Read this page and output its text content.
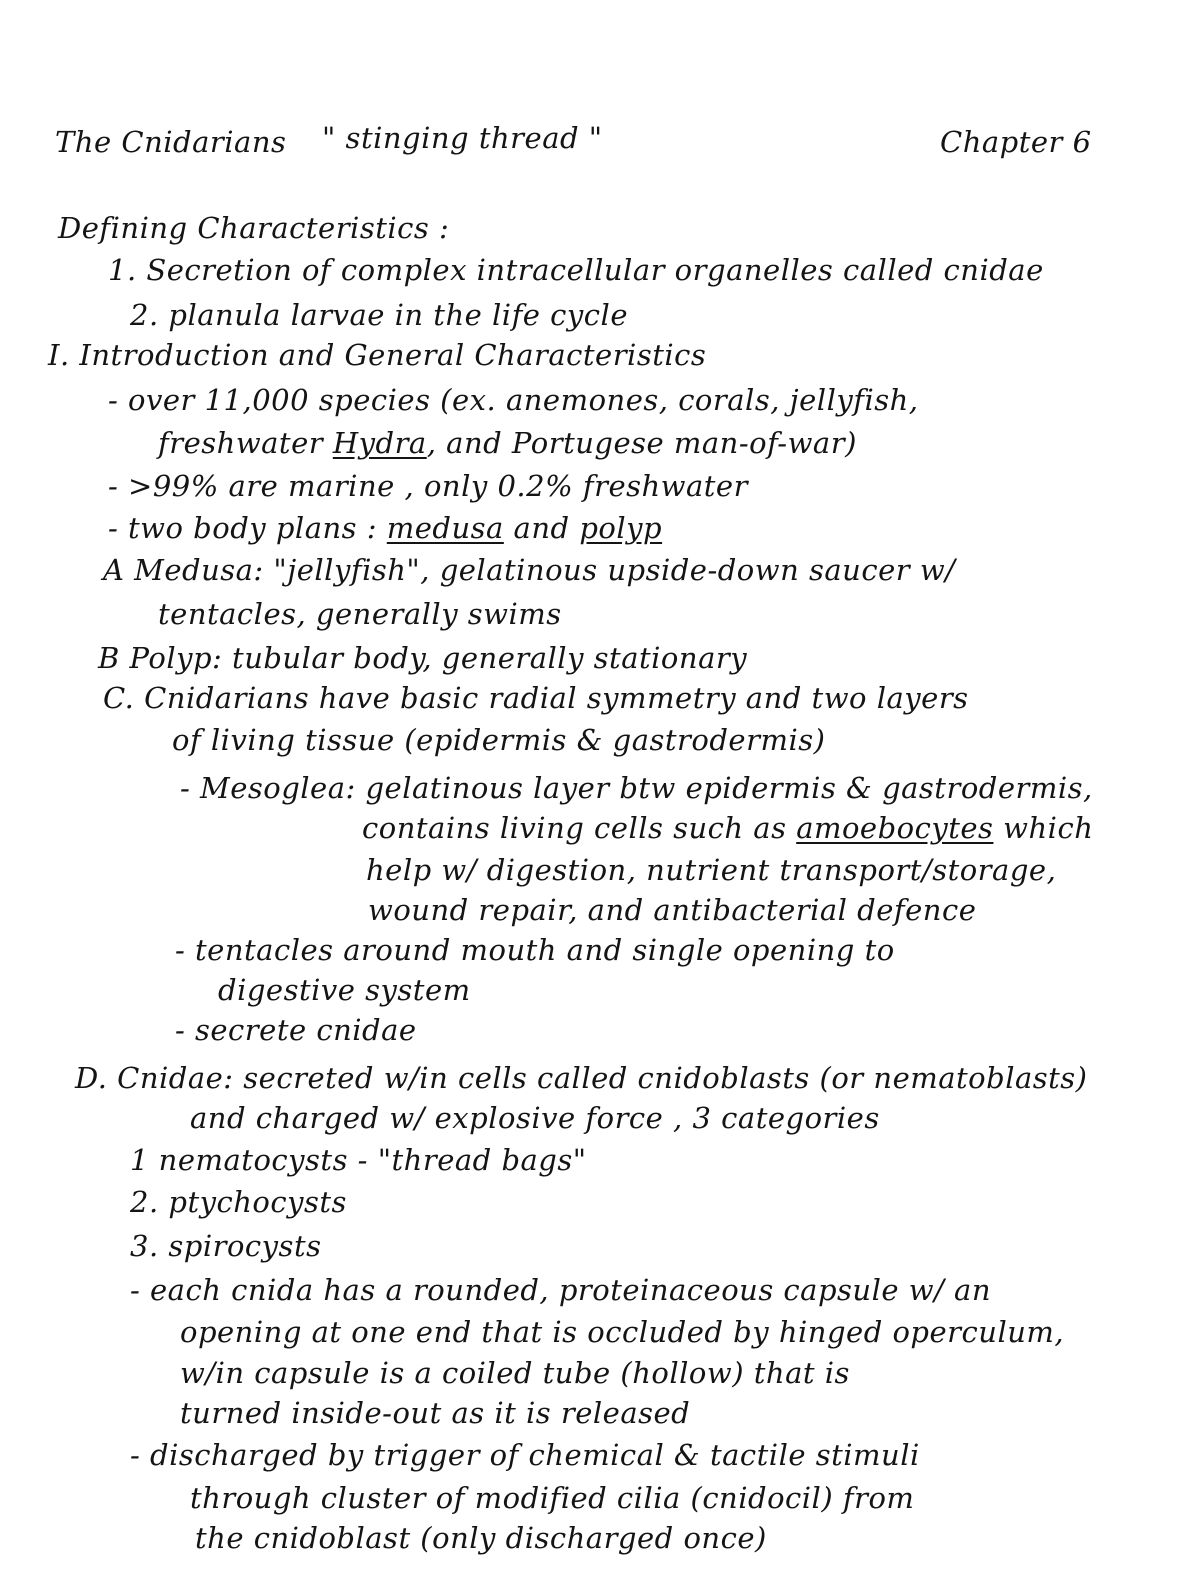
The Cnidarians " stinging thread "	Chapter 6
Defining Characteristics :
1. Secretion of complex intracellular organelles called cnidae
2. planula larvae in the life cycle
I. Introduction and General Characteristics
- over 11,000 species (ex. anemones, corals, jellyfish,
freshwater Hydra, and Portugese man-of-war)
- >99% are marine , only 0.2% freshwater
- two body plans : medusa and polyp
A Medusa: "jellyfish", gelatinous upside-down saucer w/
tentacles, generally swims
B Polyp: tubular body, generally stationary
C. Cnidarians have basic radial symmetry and two layers
of living tissue (epidermis & gastrodermis)
- Mesoglea: gelatinous layer btw epidermis & gastrodermis,
contains living cells such as amoebocytes which
help w/ digestion, nutrient transport/storage,
wound repair, and antibacterial defence
- tentacles around mouth and single opening to
digestive system
- secrete cnidae
D. Cnidae: secreted w/in cells called cnidoblasts (or nematoblasts)
and charged w/ explosive force , 3 categories
1 nematocysts - "thread bags"
2. ptychocysts
3. spirocysts
- each cnida has a rounded, proteinaceous capsule w/ an
opening at one end that is occluded by hinged operculum,
w/in capsule is a coiled tube (hollow) that is
turned inside-out as it is released
- discharged by trigger of chemical & tactile stimuli
through cluster of modified cilia (cnidocil) from
the cnidoblast (only discharged once)
